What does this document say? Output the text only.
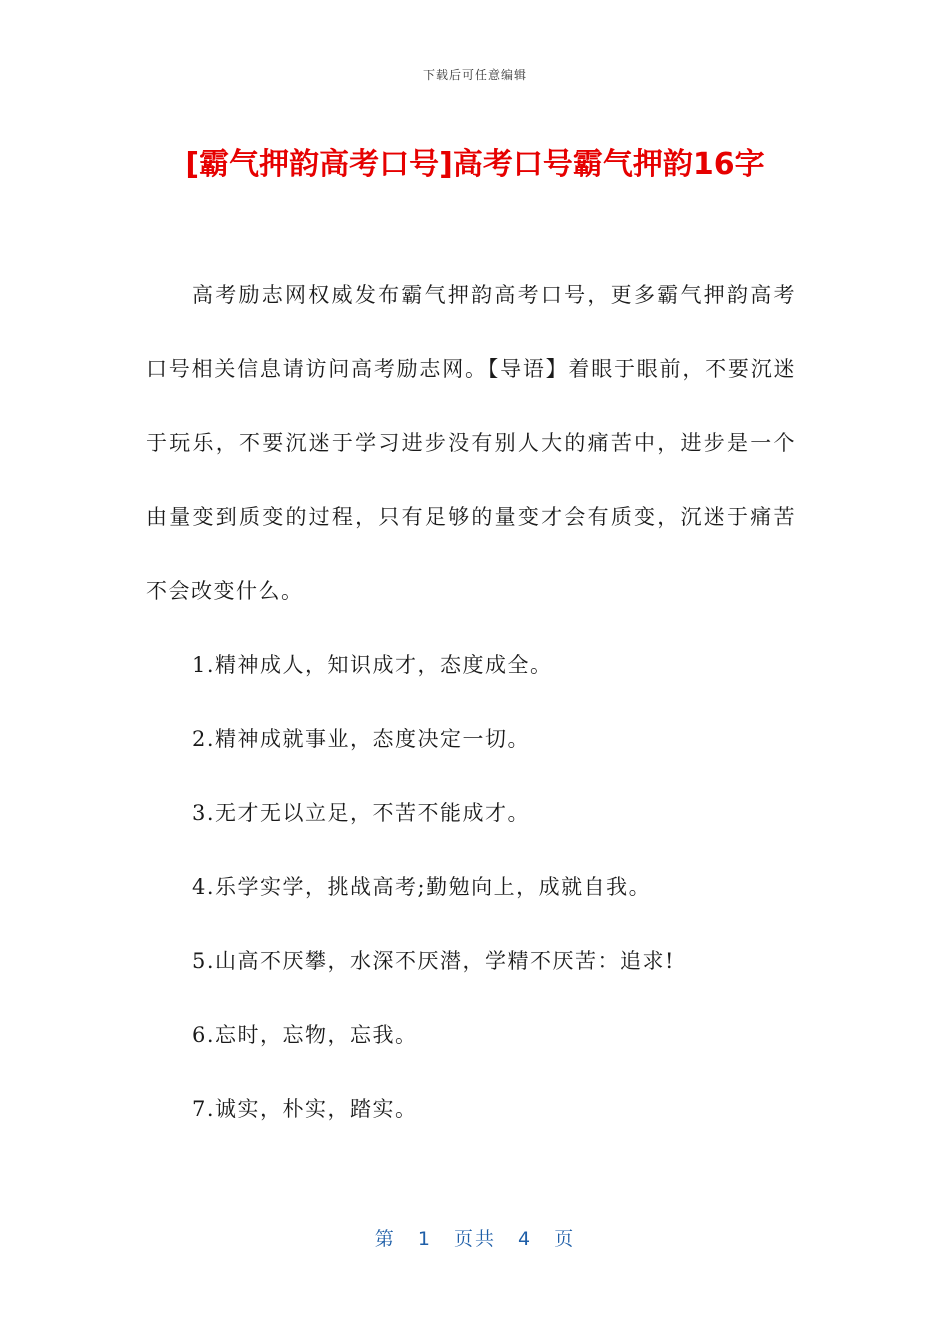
下载后可任意编辑
[霸气押韵高考口号]高考口号霸气押韵16字

高考励志网权威发布霸气押韵高考口号，更多霸气押韵高考口号相关信息请访问高考励志网。【导语】着眼于眼前，不要沉迷于玩乐，不要沉迷于学习进步没有别人大的痛苦中，进步是一个由量变到质变的过程，只有足够的量变才会有质变，沉迷于痛苦不会改变什么。

1.精神成人，知识成才，态度成全。
2.精神成就事业，态度决定一切。
3.无才无以立足，不苦不能成才。
4.乐学实学，挑战高考;勤勉向上，成就自我。
5.山高不厌攀，水深不厌潜，学精不厌苦：追求!
6.忘时，忘物，忘我。
7.诚实，朴实，踏实。
第 1 页共 4 页
